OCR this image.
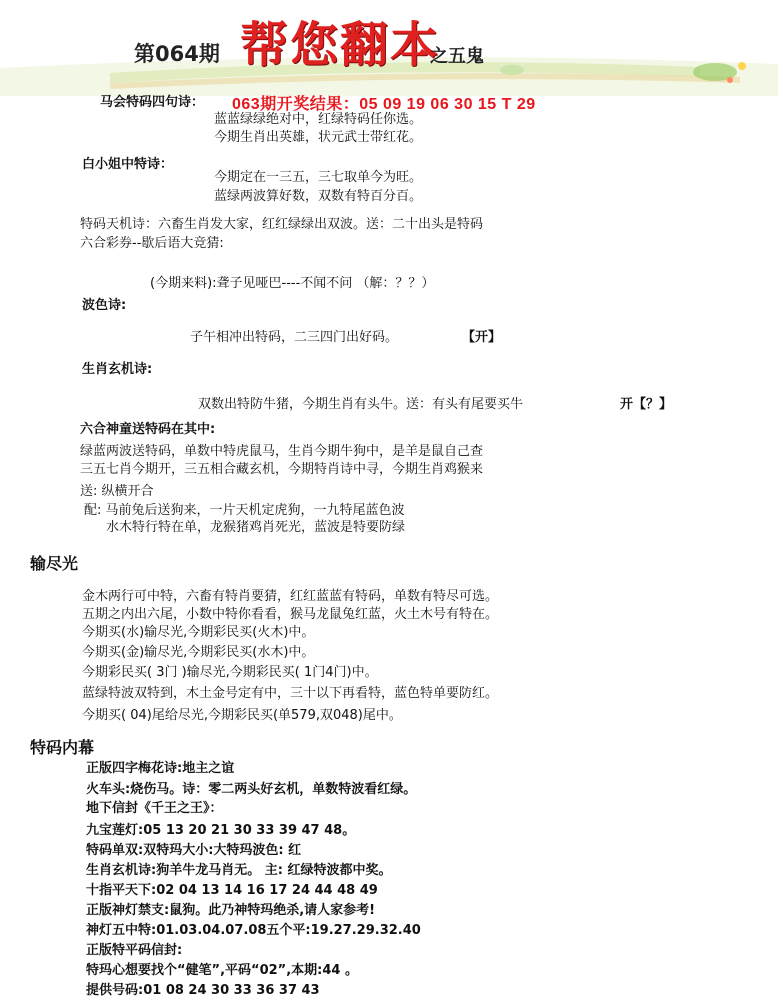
第064期 帮您翻本
之五鬼
马会特码四句诗： 063期开奖结果：05 09 19 06 30 15 T 29
蓝蓝绿绿绝对中，红绿特码任你选。
今期生肖出英雄，状元武士带红花。
白小姐中特诗：
今期定在一三五，三七取单今为旺。
蓝绿两波算好数，双数有特百分百。
特码天机诗：六畜生肖发大家，红红绿绿出双波。送：二十出头是特码
六合彩券--歇后语大竞猜:
(今期来料):聋子见哑巴----不闻不问 （解：？？）
波色诗:
子午相冲出特码，二三四门出好码。	【开】
生肖玄机诗:
双数出特防牛猪，今期生肖有头牛。送：有头有尾要买牛	开【？】
六合神童送特码在其中:
绿蓝两波送特码，单数中特虎鼠马，生肖今期牛狗中，是羊是鼠自己查
三五七肖今期开，三五相合藏玄机，今期特肖诗中寻，今期生肖鸡猴来
送: 纵横开合
配: 马前兔后送狗来，一片天机定虎狗，一九特尾蓝色波
水木特行特在单，龙猴猪鸡肖死光，蓝波是特要防绿
输尽光
金木两行可中特，六畜有特肖要猜，红红蓝蓝有特码，单数有特尽可选。
五期之内出六尾，小数中特你看看，猴马龙鼠兔红蓝，火土木号有特在。
今期买(水)输尽光,今期彩民买(火木)中。
今期买(金)输尽光,今期彩民买(水木)中。
今期彩民买( 3门 )输尽光,今期彩民买( 1门4门)中。
蓝绿特波双特到，木土金号定有中，三十以下再看特，蓝色特单要防红。
今期买( 04)尾给尽光,今期彩民买(单579,双048)尾中。
特码内幕
正版四字梅花诗:地主之谊
火车头:烧伤马。诗：零二两头好玄机，单数特波看红绿。
地下信封《千王之王》：
九宝莲灯:05 13 20 21 30 33 39 47 48。
特码单双:双特玛大小:大特玛波色: 红
生肖玄机诗:狗羊牛龙马肖无。 主: 红绿特波都中奖。
十指平天下:02 04 13 14 16 17 24 44 48 49
正版神灯禁支:鼠狗。此乃神特玛绝杀,请人家参考!
神灯五中特:01.03.04.07.08五个平:19.27.29.32.40
正版特平码信封:
特玛心想要找个“健笔”,平码“02”,本期:44 。
提供号码:01 08 24 30 33 36 37 43
